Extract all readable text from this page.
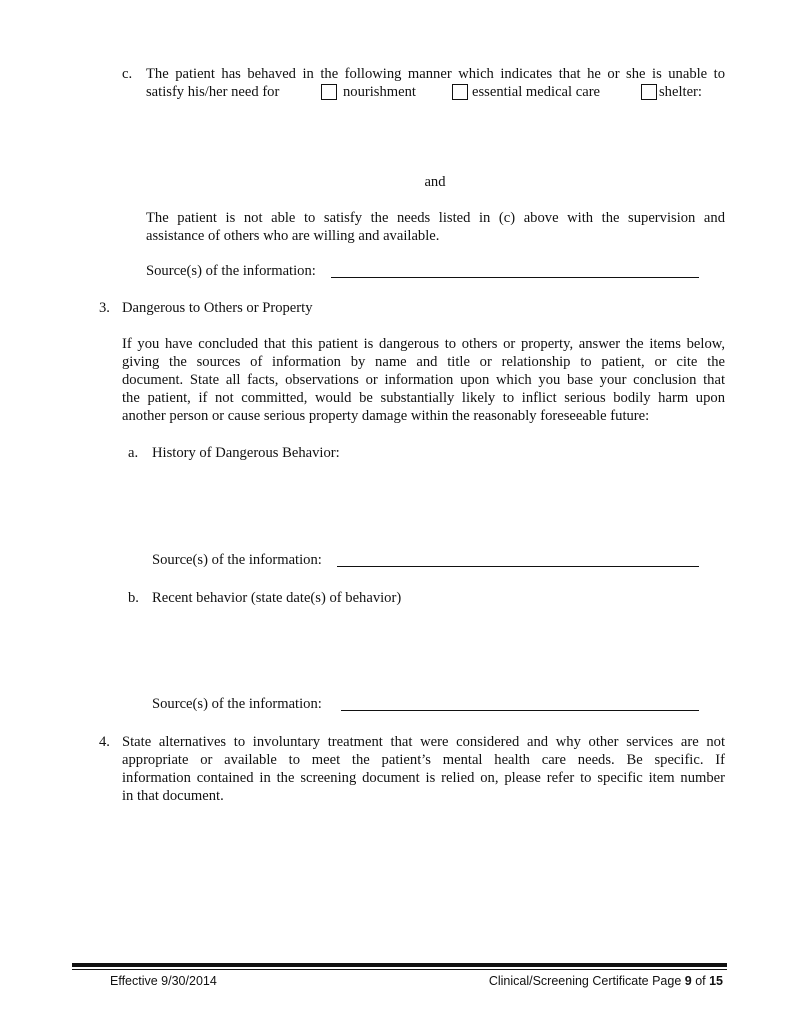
c. The patient has behaved in the following manner which indicates that he or she is unable to
satisfy his/her need for	nourishment	essential medical care	shelter:
and
The patient is not able to satisfy the needs listed in (c) above with the supervision and
assistance of others who are willing and available.
Source(s) of the information:
3. Dangerous to Others or Property
If you have concluded that this patient is dangerous to others or property, answer the items below,
giving the sources of information by name and title or relationship to patient, or cite the
document. State all facts, observations or information upon which you base your conclusion that
the patient, if not committed, would be substantially likely to inflict serious bodily harm upon
another person or cause serious property damage within the reasonably foreseeable future:
a. History of Dangerous Behavior:
Source(s) of the information:
b. Recent behavior (state date(s) of behavior)
Source(s) of the information:
4. State alternatives to involuntary treatment that were considered and why other services are not
appropriate or available to meet the patient’s mental health care needs. Be specific. If
information contained in the screening document is relied on, please refer to specific item number
in that document.
Effective 9/30/2014	Clinical/Screening Certificate Page 9 of 15
